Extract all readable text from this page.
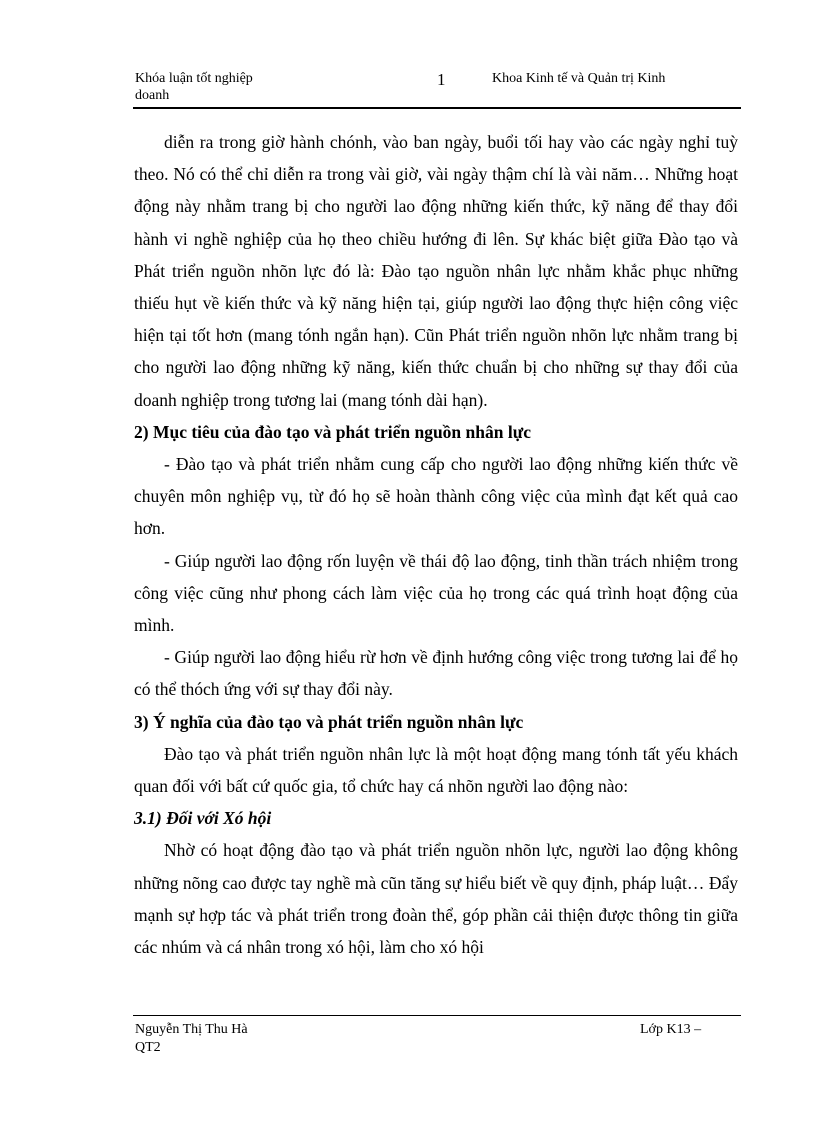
Khóa luận tốt nghiệp
doanh
1	Khoa Kinh tế và Quản trị Kinh

diễn ra trong giờ hành chónh, vào ban ngày, buổi tối hay vào các ngày nghỉ tuỳ theo. Nó có thể chỉ diễn ra trong vài giờ, vài ngày thậm chí là vài năm… Những hoạt động này nhằm trang bị cho người lao động những kiến thức, kỹ năng để thay đổi hành vi nghề nghiệp của họ theo chiều hướng đi lên. Sự khác biệt giữa Đào tạo và Phát triển nguồn nhõn lực đó là: Đào tạo nguồn nhân lực nhằm khắc phục những thiếu hụt về kiến thức và kỹ năng hiện tại, giúp người lao động thực hiện công việc hiện tại tốt hơn (mang tónh ngắn hạn). Cũn Phát triển nguồn nhõn lực nhằm trang bị cho người lao động những kỹ năng, kiến thức chuẩn bị cho những sự thay đổi của doanh nghiệp trong tương lai (mang tónh dài hạn).

2) Mục tiêu của đào tạo và phát triển nguồn nhân lực

- Đào tạo và phát triển nhằm cung cấp cho người lao động những kiến thức về chuyên môn nghiệp vụ, từ đó họ sẽ hoàn thành công việc của mình đạt kết quả cao hơn.

- Giúp người lao động rốn luyện về thái độ lao động, tinh thần trách nhiệm trong công việc cũng như phong cách làm việc của họ trong các quá trình hoạt động của mình.

- Giúp người lao động hiểu rừ hơn về định hướng công việc trong tương lai để họ có thể thóch ứng với sự thay đổi này.

3) Ý nghĩa của đào tạo và phát triển nguồn nhân lực

Đào tạo và phát triển nguồn nhân lực là một hoạt động mang tónh tất yếu khách quan đối với bất cứ quốc gia, tổ chức hay cá nhõn người lao động nào:

3.1) Đối với Xó hội

Nhờ có hoạt động đào tạo và phát triển nguồn nhõn lực, người lao động không những nõng cao được tay nghề mà cũn tăng sự hiểu biết về quy định, pháp luật… Đẩy mạnh sự hợp tác và phát triển trong đoàn thể, góp phần cải thiện được thông tin giữa các nhúm và cá nhân trong xó hội, làm cho xó hội

Nguyễn Thị Thu Hà
QT2
Lớp K13 –
